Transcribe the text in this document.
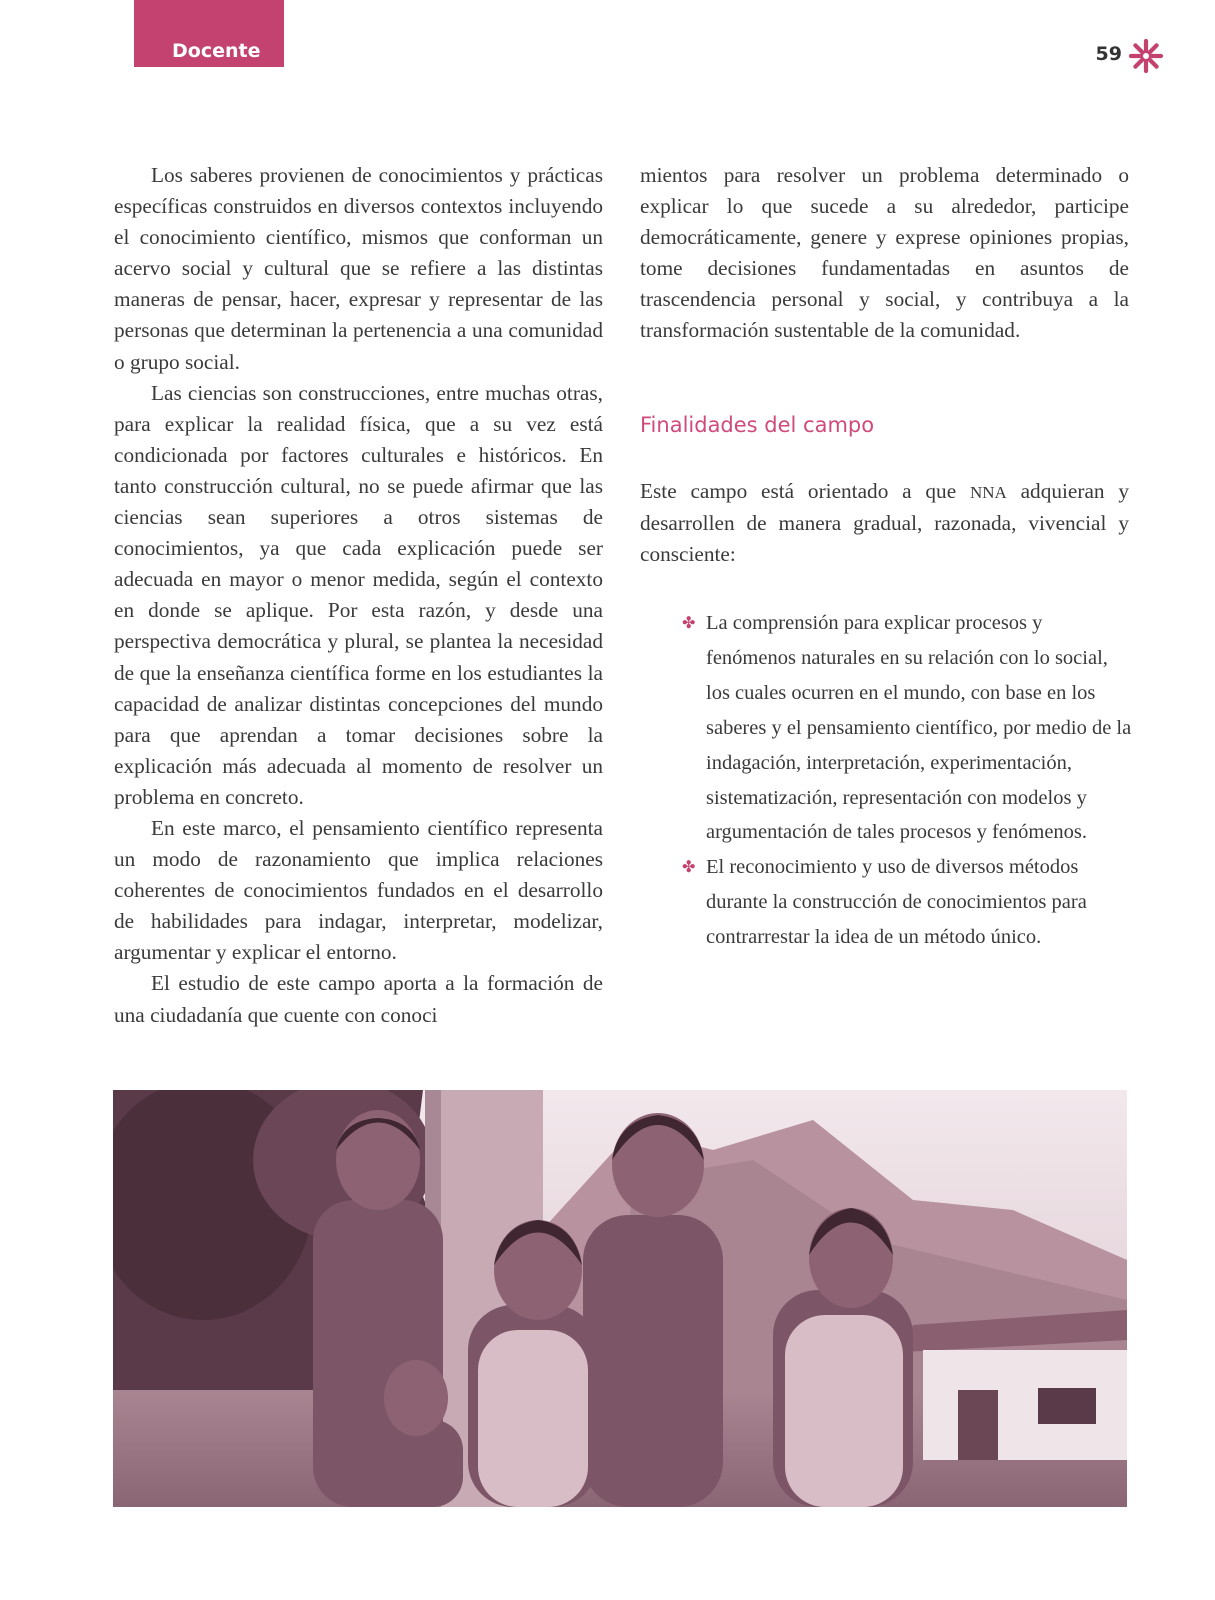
Docente	59

Los saberes provienen de conocimientos y prácticas específicas construidos en diversos contextos incluyendo el conocimiento científico, mismos que conforman un acervo social y cultural que se refiere a las distintas maneras de pensar, hacer, expresar y representar de las personas que determinan la pertenencia a una comunidad o grupo social.

Las ciencias son construcciones, entre muchas otras, para explicar la realidad física, que a su vez está condicionada por factores culturales e históricos. En tanto construcción cultural, no se puede afirmar que las ciencias sean superiores a otros sistemas de conocimientos, ya que cada explicación puede ser adecuada en mayor o menor medida, según el contexto en donde se aplique. Por esta razón, y desde una perspectiva democrática y plural, se plantea la necesidad de que la enseñanza científica forme en los estudiantes la capacidad de analizar distintas concepciones del mundo para que aprendan a tomar decisiones sobre la explicación más adecuada al momento de resolver un problema en concreto.

En este marco, el pensamiento científico representa un modo de razonamiento que implica relaciones coherentes de conocimientos fundados en el desarrollo de habilidades para indagar, interpretar, modelizar, argumentar y explicar el entorno.

El estudio de este campo aporta a la formación de una ciudadanía que cuente con conoci

mientos para resolver un problema determinado o explicar lo que sucede a su alrededor, participe democráticamente, genere y exprese opiniones propias, tome decisiones fundamentadas en asuntos de trascendencia personal y social, y contribuya a la transformación sustentable de la comunidad.

Finalidades del campo

Este campo está orientado a que NNA adquieran y desarrollen de manera gradual, razonada, vivencial y consciente:

✤ La comprensión para explicar procesos y fenómenos naturales en su relación con lo social, los cuales ocurren en el mundo, con base en los saberes y el pensamiento científico, por medio de la indagación, interpretación, experimentación, sistematización, representación con modelos y argumentación de tales procesos y fenómenos.
✤ El reconocimiento y uso de diversos métodos durante la construcción de conocimientos para contrarrestar la idea de un método único.
